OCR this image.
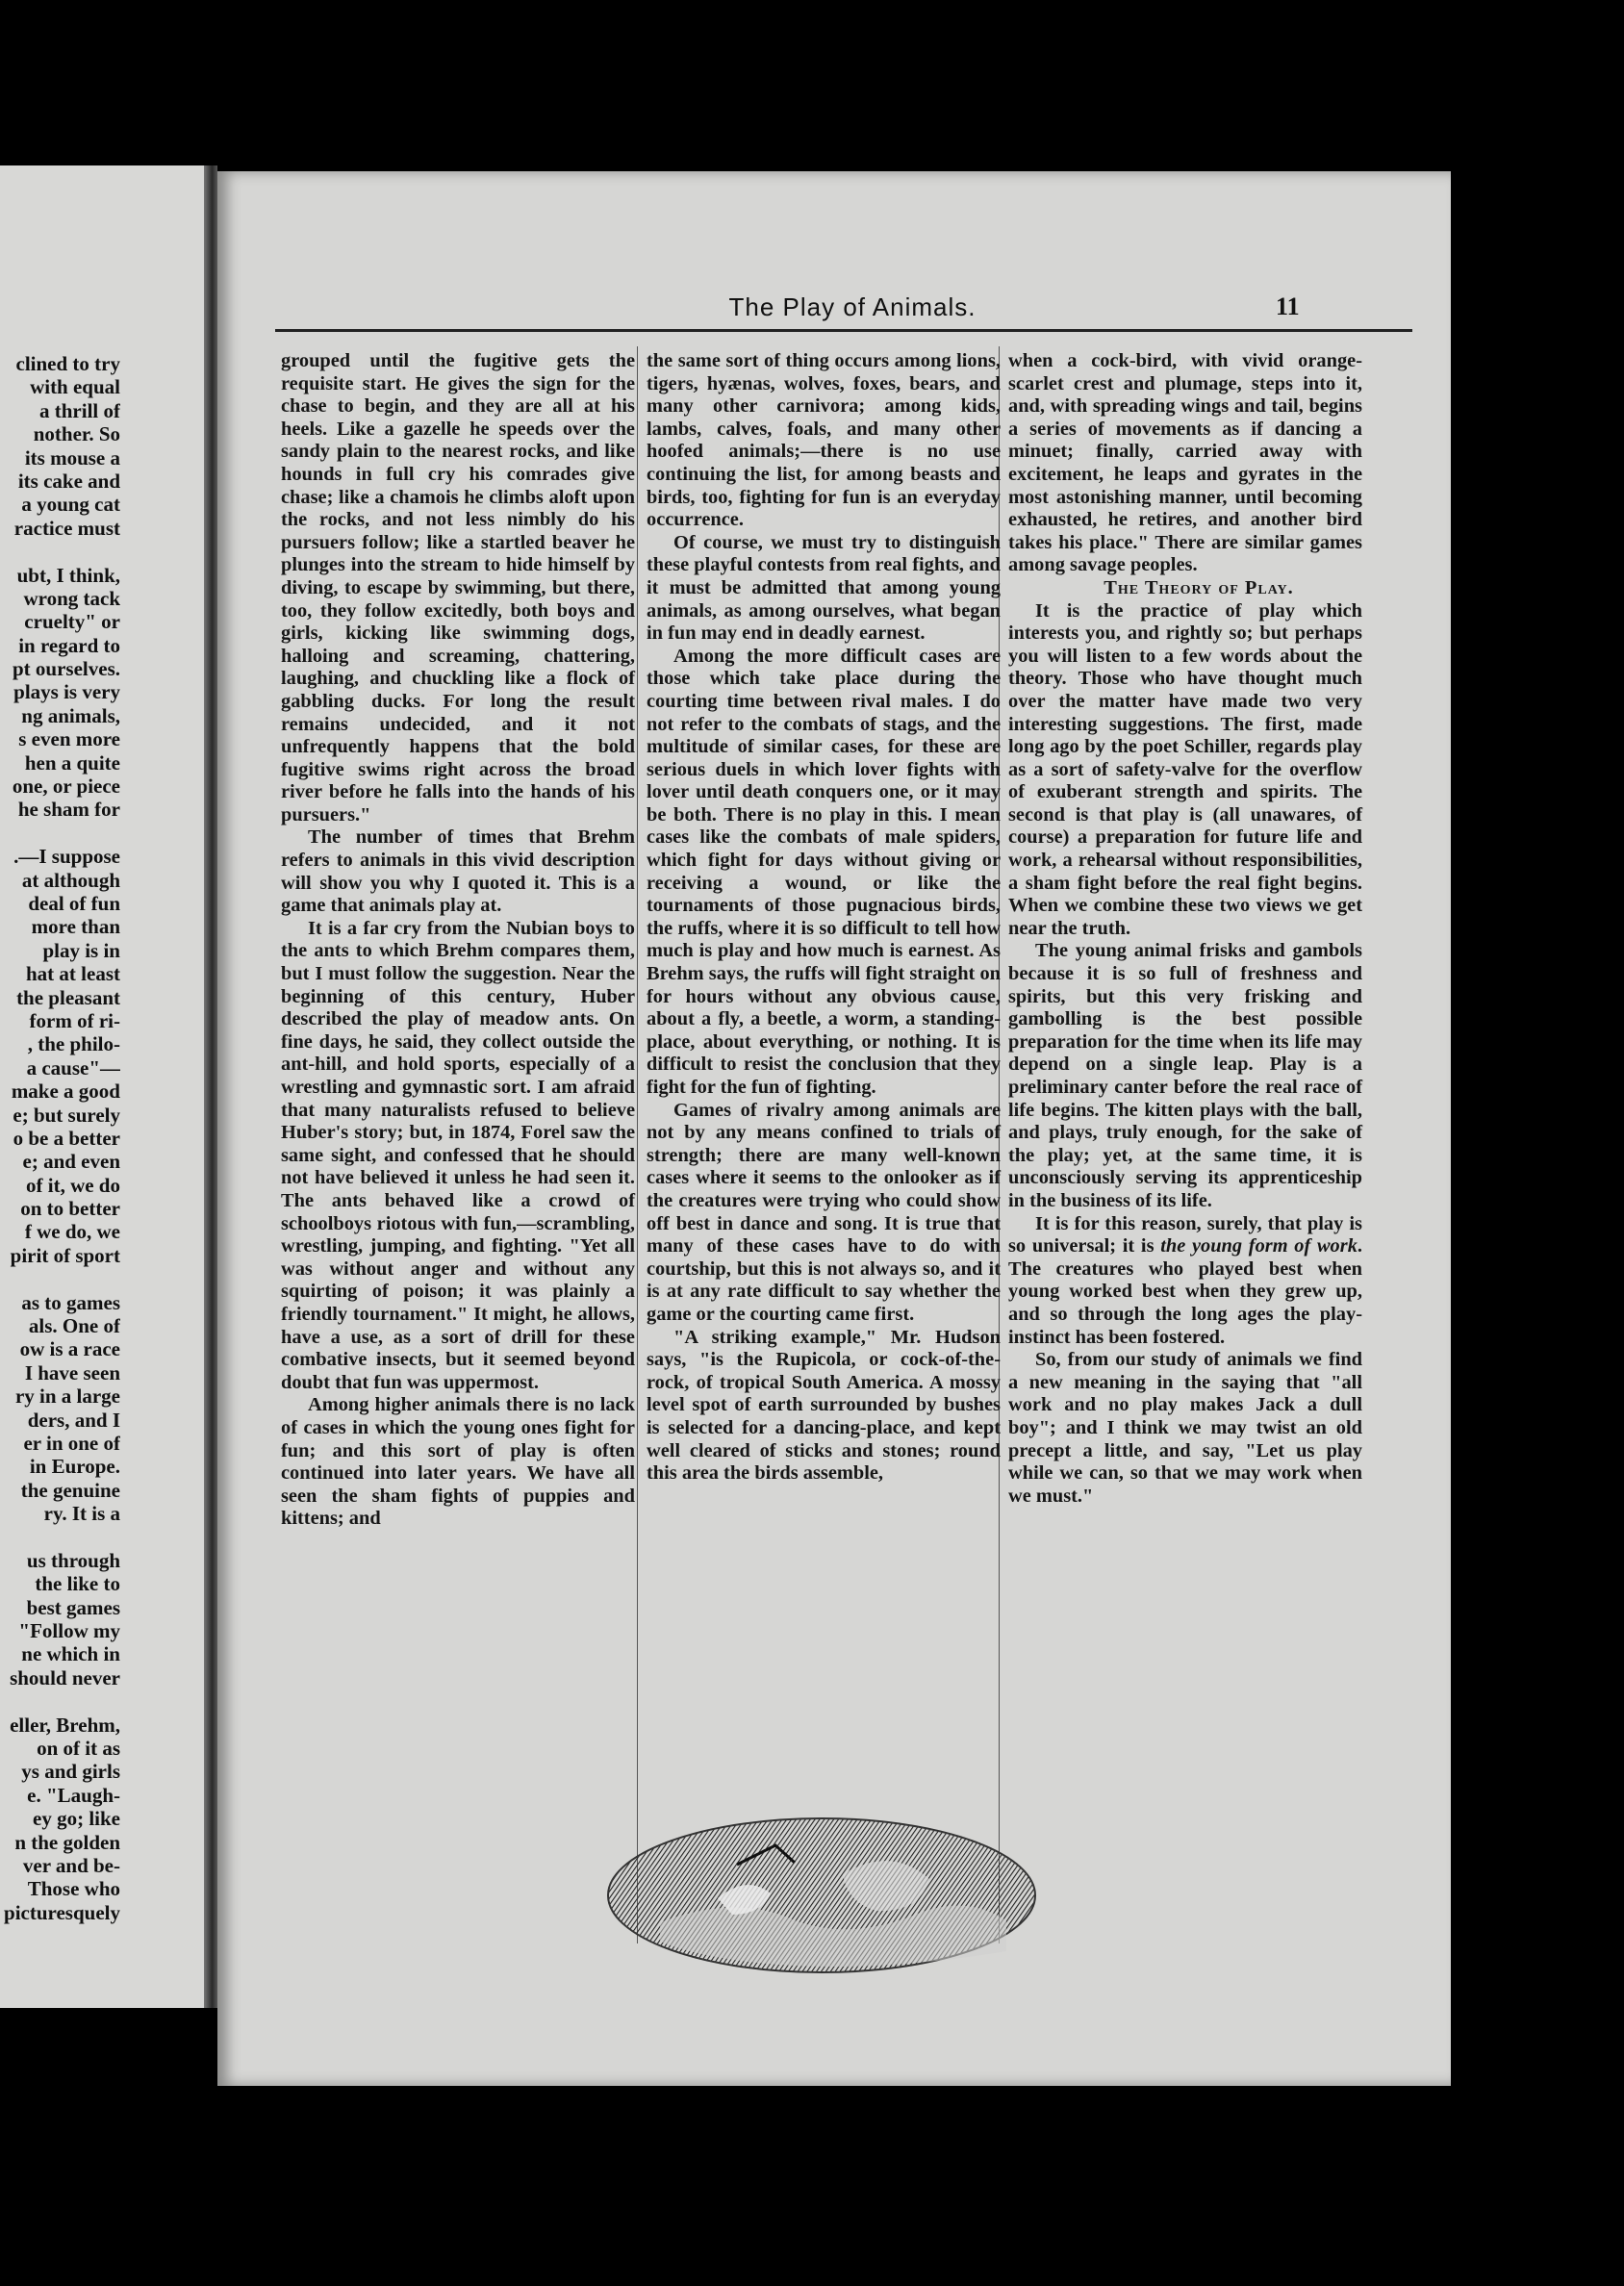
clined to try
with equal
a thrill of
nother. So
its mouse a
its cake and
a young cat
ractice must
ubt, I think,
wrong tack
cruelty" or
in regard to
pt ourselves.
plays is very
ng animals,
s even more
hen a quite
one, or piece
he sham for
.—I suppose
at although
deal of fun
more than
play is in
hat at least
the pleasant
form of ri-
, the philo-
a cause"—
make a good
e; but surely
o be a better
e; and even
of it, we do
on to better
f we do, we
pirit of sport
as to games
als. One of
ow is a race
I have seen
ry in a large
ders, and I
er in one of
in Europe.
the genuine
ry. It is a
us through
the like to
best games
"Follow my
ne which in
should never
eller, Brehm,
on of it as
ys and girls
e. "Laugh-
ey go; like
n the golden
ver and be-
Those who
picturesquely
The Play of Animals.	11

grouped until the fugitive gets the requisite start. He gives the sign for the chase to begin, and they are all at his heels. Like a gazelle he speeds over the sandy plain to the nearest rocks, and like hounds in full cry his comrades give chase; like a chamois he climbs aloft upon the rocks, and not less nimbly do his pursuers follow; like a startled beaver he plunges into the stream to hide himself by diving, to escape by swimming, but there, too, they follow excitedly, both boys and girls, kicking like swimming dogs, halloing and screaming, chattering, laughing, and chuckling like a flock of gabbling ducks. For long the result remains undecided, and it not unfrequently happens that the bold fugitive swims right across the broad river before he falls into the hands of his pursuers."

The number of times that Brehm refers to animals in this vivid description will show you why I quoted it. This is a game that animals play at.

It is a far cry from the Nubian boys to the ants to which Brehm compares them, but I must follow the suggestion. Near the beginning of this century, Huber described the play of meadow ants. On fine days, he said, they collect outside the ant-hill, and hold sports, especially of a wrestling and gymnastic sort. I am afraid that many naturalists refused to believe Huber's story; but, in 1874, Forel saw the same sight, and confessed that he should not have believed it unless he had seen it. The ants behaved like a crowd of schoolboys riotous with fun,—scrambling, wrestling, jumping, and fighting. "Yet all was without anger and without any squirting of poison; it was plainly a friendly tournament." It might, he allows, have a use, as a sort of drill for these combative insects, but it seemed beyond doubt that fun was uppermost.

Among higher animals there is no lack of cases in which the young ones fight for fun; and this sort of play is often continued into later years. We have all seen the sham fights of puppies and kittens; and

the same sort of thing occurs among lions, tigers, hyænas, wolves, foxes, bears, and many other carnivora; among kids, lambs, calves, foals, and many other hoofed animals;—there is no use continuing the list, for among beasts and birds, too, fighting for fun is an everyday occurrence.

Of course, we must try to distinguish these playful contests from real fights, and it must be admitted that among young animals, as among ourselves, what began in fun may end in deadly earnest.

Among the more difficult cases are those which take place during the courting time between rival males. I do not refer to the combats of stags, and the multitude of similar cases, for these are serious duels in which lover fights with lover until death conquers one, or it may be both. There is no play in this. I mean cases like the combats of male spiders, which fight for days without giving or receiving a wound, or like the tournaments of those pugnacious birds, the ruffs, where it is so difficult to tell how much is play and how much is earnest. As Brehm says, the ruffs will fight straight on for hours without any obvious cause, about a fly, a beetle, a worm, a standing-place, about everything, or nothing. It is difficult to resist the conclusion that they fight for the fun of fighting.

Games of rivalry among animals are not by any means confined to trials of strength; there are many well-known cases where it seems to the onlooker as if the creatures were trying who could show off best in dance and song. It is true that many of these cases have to do with courtship, but this is not always so, and it is at any rate difficult to say whether the game or the courting came first.

"A striking example," Mr. Hudson says, "is the Rupicola, or cock-of-the-rock, of tropical South America. A mossy level spot of earth surrounded by bushes is selected for a dancing-place, and kept well cleared of sticks and stones; round this area the birds assemble,

when a cock-bird, with vivid orange-scarlet crest and plumage, steps into it, and, with spreading wings and tail, begins a series of movements as if dancing a minuet; finally, carried away with excitement, he leaps and gyrates in the most astonishing manner, until becoming exhausted, he retires, and another bird takes his place." There are similar games among savage peoples.

The Theory of Play.

It is the practice of play which interests you, and rightly so; but perhaps you will listen to a few words about the theory. Those who have thought much over the matter have made two very interesting suggestions. The first, made long ago by the poet Schiller, regards play as a sort of safety-valve for the overflow of exuberant strength and spirits. The second is that play is (all unawares, of course) a preparation for future life and work, a rehearsal without responsibilities, a sham fight before the real fight begins. When we combine these two views we get near the truth.

The young animal frisks and gambols because it is so full of freshness and spirits, but this very frisking and gambolling is the best possible preparation for the time when its life may depend on a single leap. Play is a preliminary canter before the real race of life begins. The kitten plays with the ball, and plays, truly enough, for the sake of the play; yet, at the same time, it is unconsciously serving its apprenticeship in the business of its life.

It is for this reason, surely, that play is so universal; it is the young form of work. The creatures who played best when young worked best when they grew up, and so through the long ages the play-instinct has been fostered.

So, from our study of animals we find a new meaning in the saying that "all work and no play makes Jack a dull boy"; and I think we may twist an old precept a little, and say, "Let us play while we can, so that we may work when we must."
